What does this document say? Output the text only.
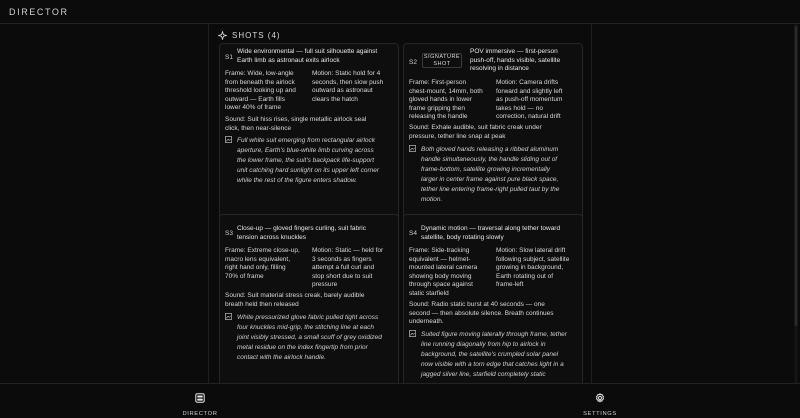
DIRECTOR
SHOTS (4)
S1
Wide environmental — full suit silhouette against
Earth limb as astronaut exits airlock
Frame: Wide, low-angle
from beneath the airlock
threshold looking up and
outward — Earth fills
lower 40% of frame
Motion: Static hold for 4
seconds, then slow push
outward as astronaut
clears the hatch
Sound: Suit hiss rises, single metallic airlock seal
click, then near-silence
Full white suit emerging from rectangular airlock
aperture, Earth's blue-white limb curving across
the lower frame, the suit's backpack life-support
unit catching hard sunlight on its upper left corner
while the rest of the figure enters shadow.
S2
SIGNATURE
SHOT
POV immersive — first-person
push-off, hands visible, satellite
resolving in distance
Frame: First-person
chest-mount, 14mm, both
gloved hands in lower
frame gripping then
releasing the handle
Motion: Camera drifts
forward and slightly left
as push-off momentum
takes hold — no
correction, natural drift
Sound: Exhale audible, suit fabric creak under
pressure, tether line snap at peak
Both gloved hands releasing a ribbed aluminum
handle simultaneously, the handle sliding out of
frame-bottom, satellite growing incrementally
larger in center frame against pure black space,
tether line entering frame-right pulled taut by the
motion.
S3
Close-up — gloved fingers curling, suit fabric
tension across knuckles
Frame: Extreme close-up,
macro lens equivalent,
right hand only, filling
70% of frame
Motion: Static — held for
3 seconds as fingers
attempt a full curl and
stop short due to suit
pressure
Sound: Suit material stress creak, barely audible
breath held then released
White pressurized glove fabric pulled tight across
four knuckles mid-grip, the stitching line at each
joint visibly stressed, a small scuff of grey oxidized
metal residue on the index fingertip from prior
contact with the airlock handle.
S4
Dynamic motion — traversal along tether toward
satellite, body rotating slowly
Frame: Side-tracking
equivalent — helmet-
mounted lateral camera
showing body moving
through space against
static starfield
Motion: Slow lateral drift
following subject, satellite
growing in background,
Earth rotating out of
frame-left
Sound: Radio static burst at 40 seconds — one
second — then absolute silence. Breath continues
underneath.
Suited figure moving laterally through frame, tether
line running diagonally from hip to airlock in
background, the satellite's crumpled solar panel
now visible with a torn edge that catches light in a
jagged silver line, starfield completely static
DIRECTOR	SETTINGS
